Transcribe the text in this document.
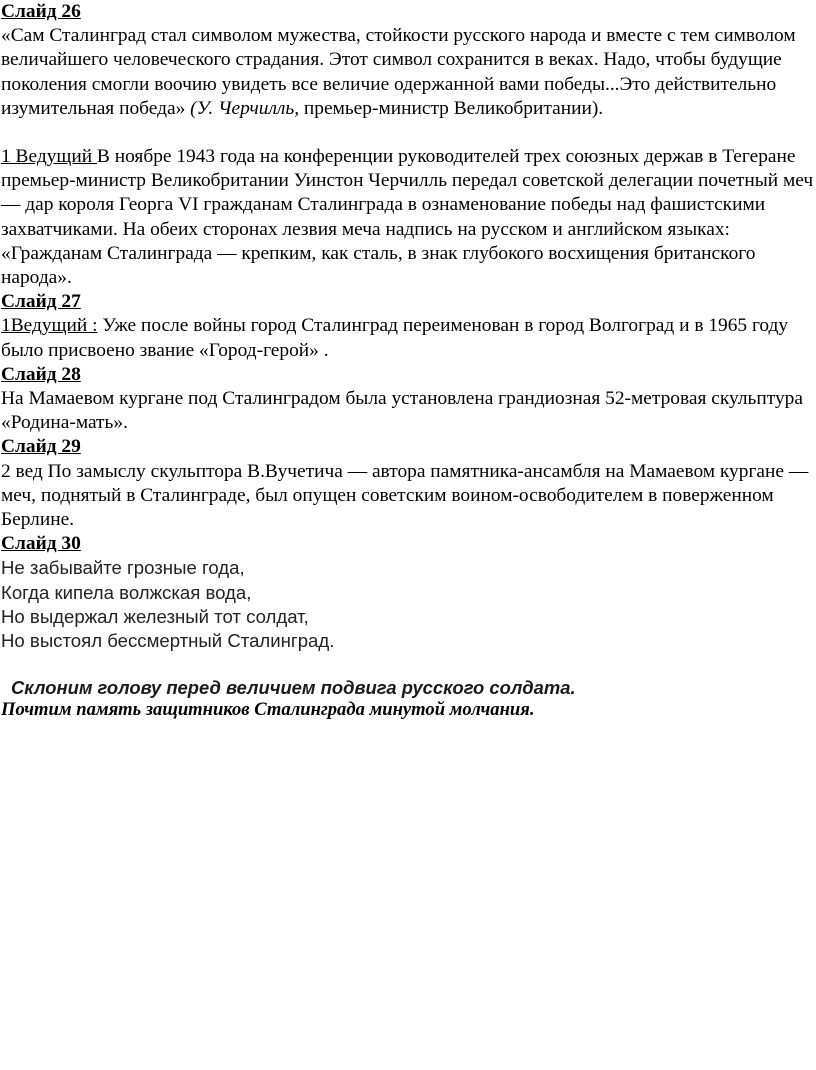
Слайд 26

«Сам Сталинград стал символом мужества, стойкости русского народа и вместе с тем символом величайшего человеческого страдания. Этот символ сохранится в веках. Надо, чтобы будущие поколения смогли воочию увидеть все величие одержанной вами победы...Это действительно изумительная победа» (У. Черчилль, премьер-министр Великобритании).

1 Ведущий В ноябре 1943 года на конференции руководителей трех союзных держав в Тегеране премьер-министр Великобритании Уинстон Черчилль передал советской делегации почетный меч — дар короля Георга VI гражданам Сталинграда в ознаменование победы над фашистскими захватчиками. На обеих сторонах лезвия меча надпись на русском и английском языках: «Гражданам Сталинграда — крепким, как сталь, в знак глубокого восхищения британского народа».

Слайд 27

1Ведущий : Уже после войны город Сталинград переименован в город Волгоград и в 1965 году было присвоено звание «Город-герой» .

Слайд 28

На Мамаевом кургане под Сталинградом была установлена грандиозная 52-метровая скульптура «Родина-мать».

Слайд 29

2 вед По замыслу скульптора В.Вучетича — автора памятника-ансамбля на Мамаевом кургане — меч, поднятый в Сталинграде, был опущен советским воином-освободителем в поверженном Берлине.

Слайд 30

Не забывайте грозные года,

Когда кипела волжская вода,

Но выдержал железный тот солдат,

Но выстоял бессмертный Сталинград.

Склоним голову перед величием подвига русского солдата.

Почтим память защитников Сталинграда минутой молчания.
